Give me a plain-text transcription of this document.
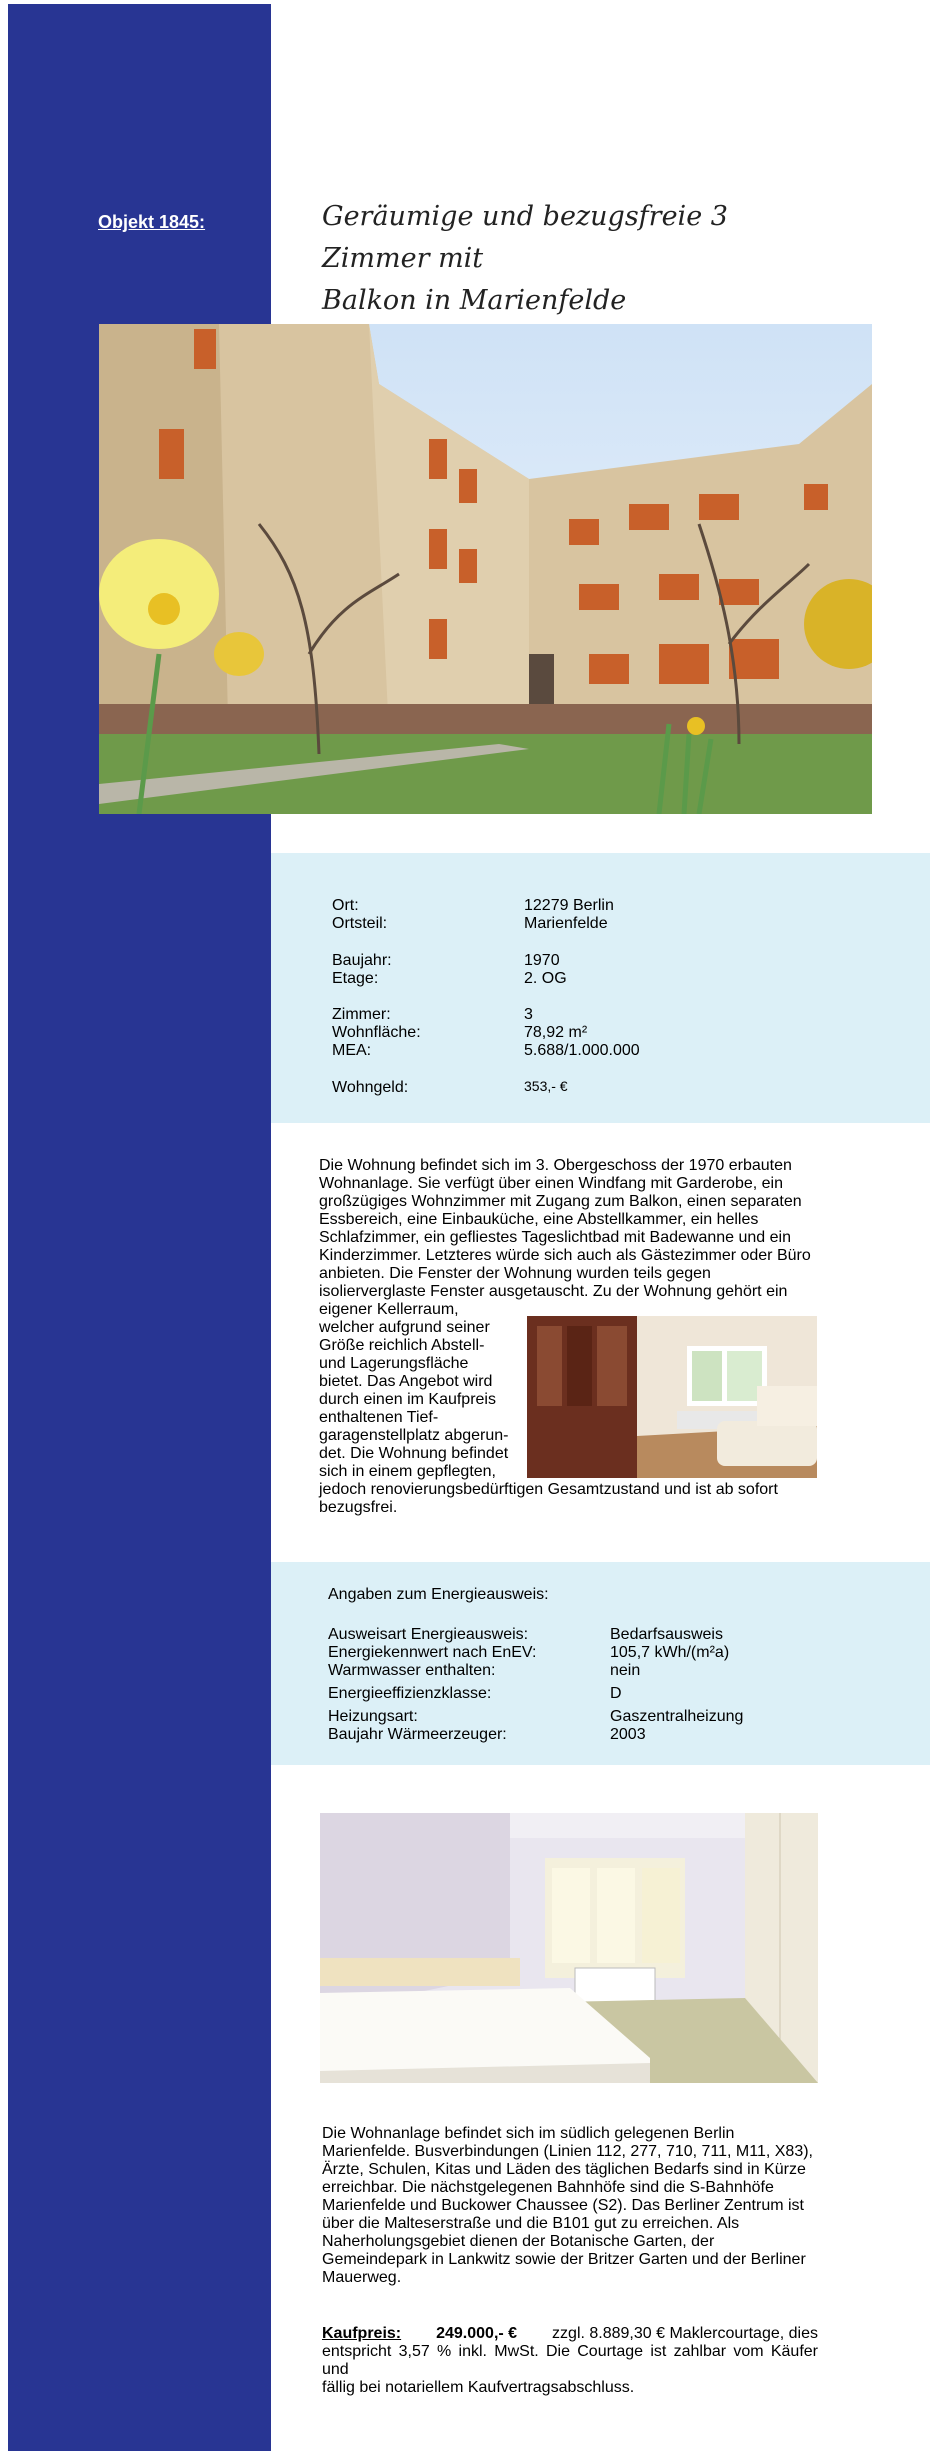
Objekt 1845:	Geräumige und bezugsfreie 3 Zimmer mit
Balkon in Marienfelde
Ort:	12279 Berlin
Ortsteil:	Marienfelde
Baujahr:	1970
Etage:	2. OG
Zimmer:	3
Wohnfläche:	78,92 m²
MEA:	5.688/1.000.000
Wohngeld:	353,- €
Die Wohnung befindet sich im 3. Obergeschoss der 1970 erbauten
Wohnanlage. Sie verfügt über einen Windfang mit Garderobe, ein
großzügiges Wohnzimmer mit Zugang zum Balkon, einen separaten
Essbereich, eine Einbauküche, eine Abstellkammer, ein helles
Schlafzimmer, ein gefliestes Tageslichtbad mit Badewanne und ein
Kinderzimmer. Letzteres würde sich auch als Gästezimmer oder Büro
anbieten. Die Fenster der Wohnung wurden teils gegen
isolierverglaste Fenster ausgetauscht. Zu der Wohnung gehört ein
eigener Kellerraum,
welcher aufgrund seiner
Größe reichlich Abstell-
und Lagerungsfläche
bietet. Das Angebot wird
durch einen im Kaufpreis
enthaltenen Tief-
garagenstellplatz abgerun-
det. Die Wohnung befindet
sich in einem gepflegten,
jedoch renovierungsbedürftigen Gesamtzustand und ist ab sofort
bezugsfrei.
Angaben zum Energieausweis:
Ausweisart Energieausweis:	Bedarfsausweis
Energiekennwert nach EnEV:	105,7 kWh/(m²a)
Warmwasser enthalten:	nein
Energieeffizienzklasse:	D
Heizungsart:	Gaszentralheizung
Baujahr Wärmeerzeuger:	2003
Die Wohnanlage befindet sich im südlich gelegenen Berlin
Marienfelde. Busverbindungen (Linien 112, 277, 710, 711, M11, X83),
Ärzte, Schulen, Kitas und Läden des täglichen Bedarfs sind in Kürze
erreichbar. Die nächstgelegenen Bahnhöfe sind die S-Bahnhöfe
Marienfelde und Buckower Chaussee (S2). Das Berliner Zentrum ist
über die Malteserstraße und die B101 gut zu erreichen. Als
Naherholungsgebiet dienen der Botanische Garten, der
Gemeindepark in Lankwitz sowie der Britzer Garten und der Berliner
Mauerweg.
Kaufpreis: 249.000,- € zzgl. 8.889,30 € Maklercourtage, dies
entspricht 3,57 % inkl. MwSt. Die Courtage ist zahlbar vom Käufer und
fällig bei notariellem Kaufvertragsabschluss.
